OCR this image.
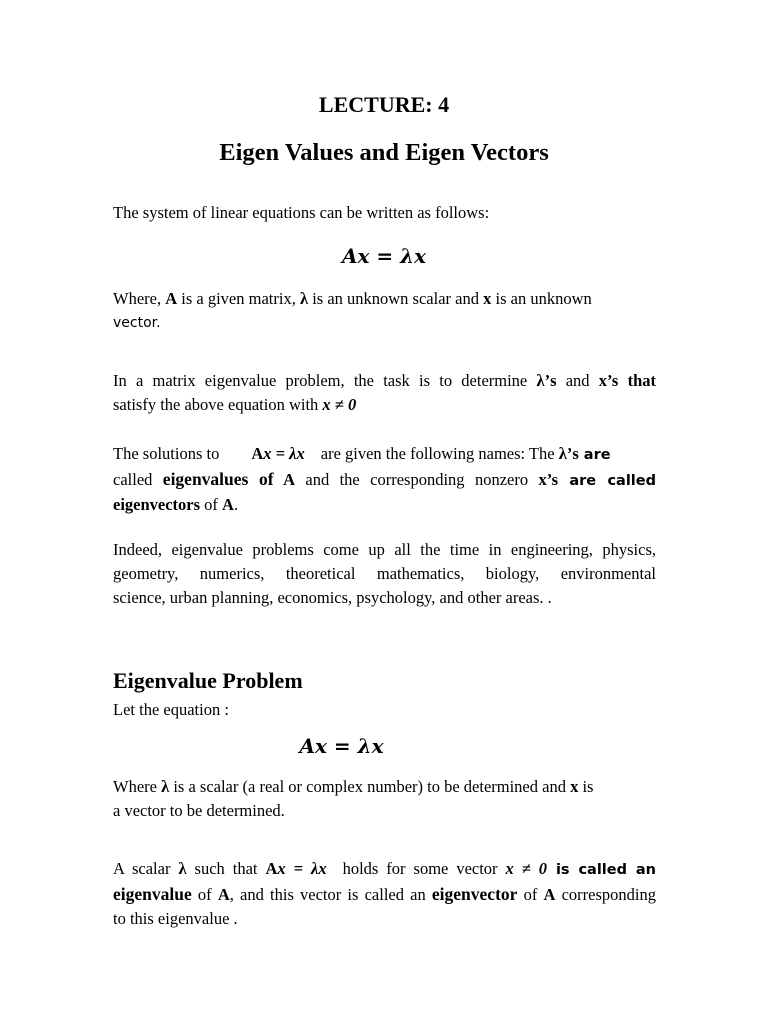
LECTURE: 4
Eigen Values and Eigen Vectors
The system of linear equations can be written as follows:
Ax = λx
Where, A is a given matrix, λ is an unknown scalar and x is an unknown
vector.
In a matrix eigenvalue problem, the task is to determine λ’s and x’s that
satisfy the above equation with x ≠ 0
The solutions to Ax = λx are given the following names: The λ’s are
called eigenvalues of A and the corresponding nonzero x’s are called
eigenvectors of A.
Indeed, eigenvalue problems come up all the time in engineering, physics,
geometry, numerics, theoretical mathematics, biology, environmental
science, urban planning, economics, psychology, and other areas. .
Eigenvalue Problem
Let the equation :
Ax = λx
Where λ is a scalar (a real or complex number) to be determined and x is
a vector to be determined.
A scalar λ such that Ax = λx holds for some vector x ≠ 0 is called an
eigenvalue of A, and this vector is called an eigenvector of A corresponding
to this eigenvalue .
